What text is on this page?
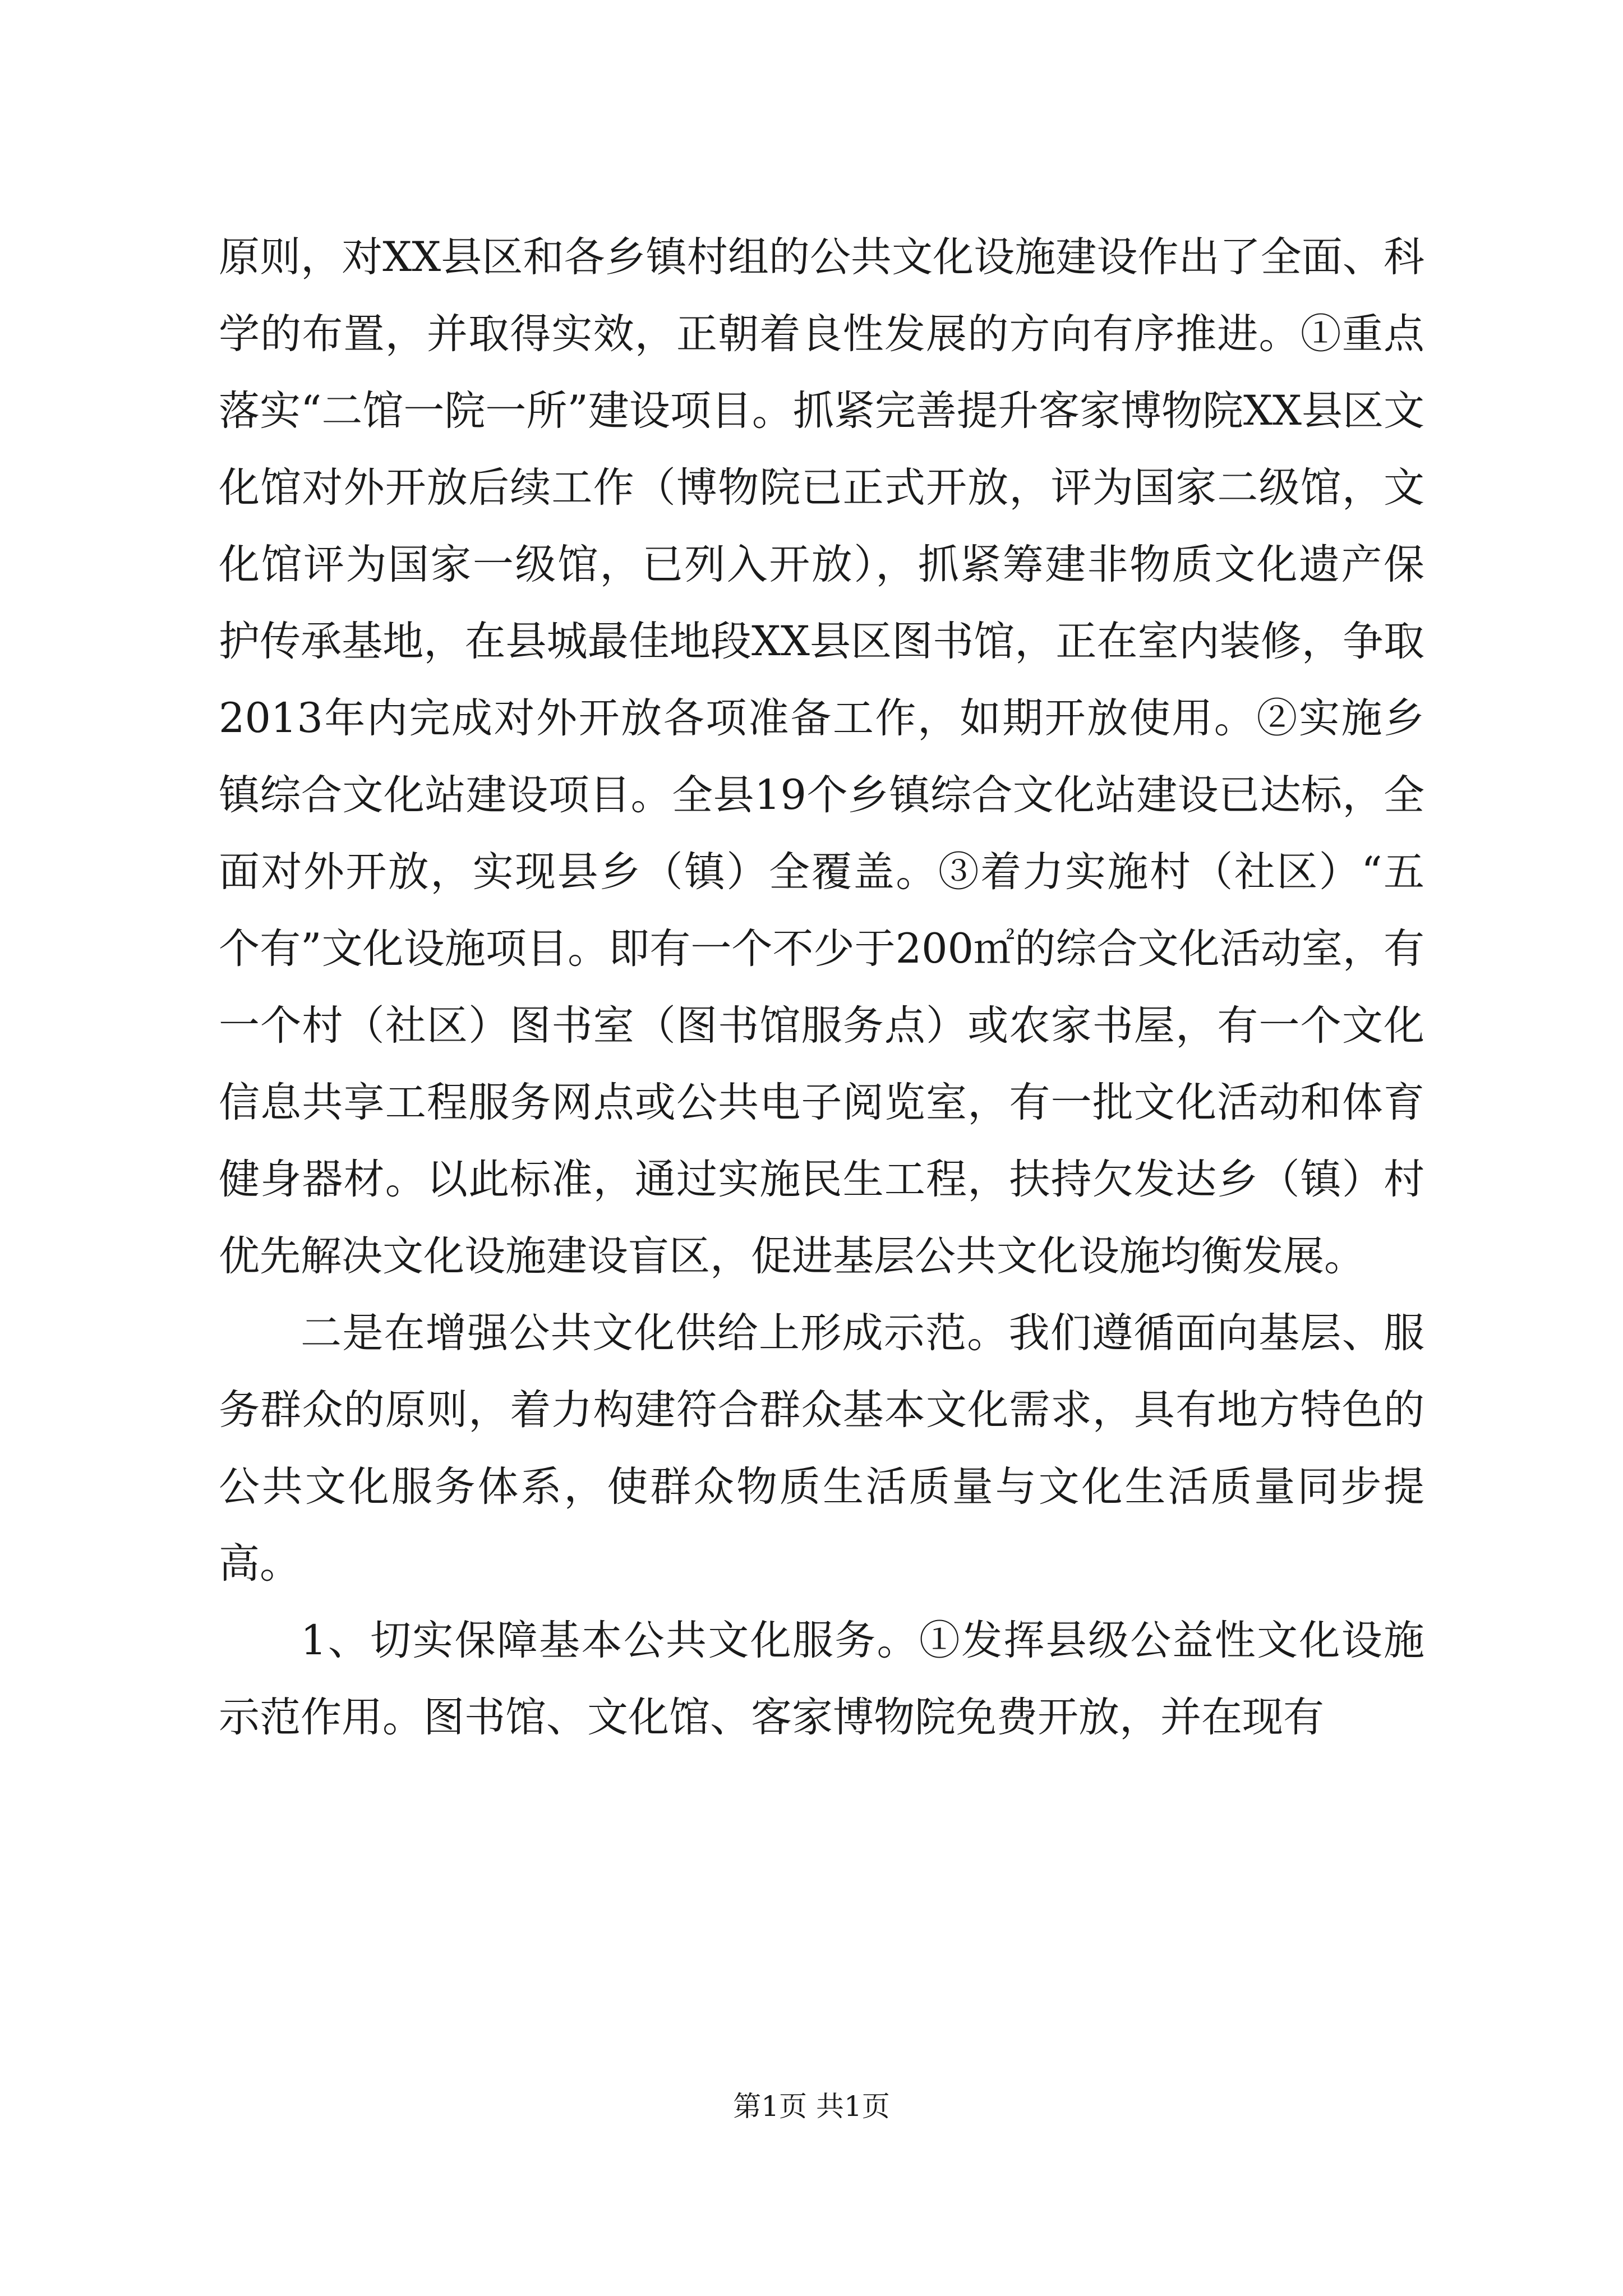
原则，对XX县区和各乡镇村组的公共文化设施建设作出了全面、科学的布置，并取得实效，正朝着良性发展的方向有序推进。①重点落实“二馆一院一所”建设项目。抓紧完善提升客家博物院XX县区文化馆对外开放后续工作（博物院已正式开放，评为国家二级馆，文化馆评为国家一级馆，已列入开放），抓紧筹建非物质文化遗产保护传承基地，在县城最佳地段XX县区图书馆，正在室内装修，争取2013年内完成对外开放各项准备工作，如期开放使用。②实施乡镇综合文化站建设项目。全县19个乡镇综合文化站建设已达标，全面对外开放，实现县乡（镇）全覆盖。③着力实施村（社区）“五个有”文化设施项目。即有一个不少于200㎡的综合文化活动室，有一个村（社区）图书室（图书馆服务点）或农家书屋，有一个文化信息共享工程服务网点或公共电子阅览室，有一批文化活动和体育健身器材。以此标准，通过实施民生工程，扶持欠发达乡（镇）村优先解决文化设施建设盲区，促进基层公共文化设施均衡发展。

二是在增强公共文化供给上形成示范。我们遵循面向基层、服务群众的原则，着力构建符合群众基本文化需求，具有地方特色的公共文化服务体系，使群众物质生活质量与文化生活质量同步提高。

1、切实保障基本公共文化服务。①发挥县级公益性文化设施示范作用。图书馆、文化馆、客家博物院免费开放，并在现有

第1页 共1页
